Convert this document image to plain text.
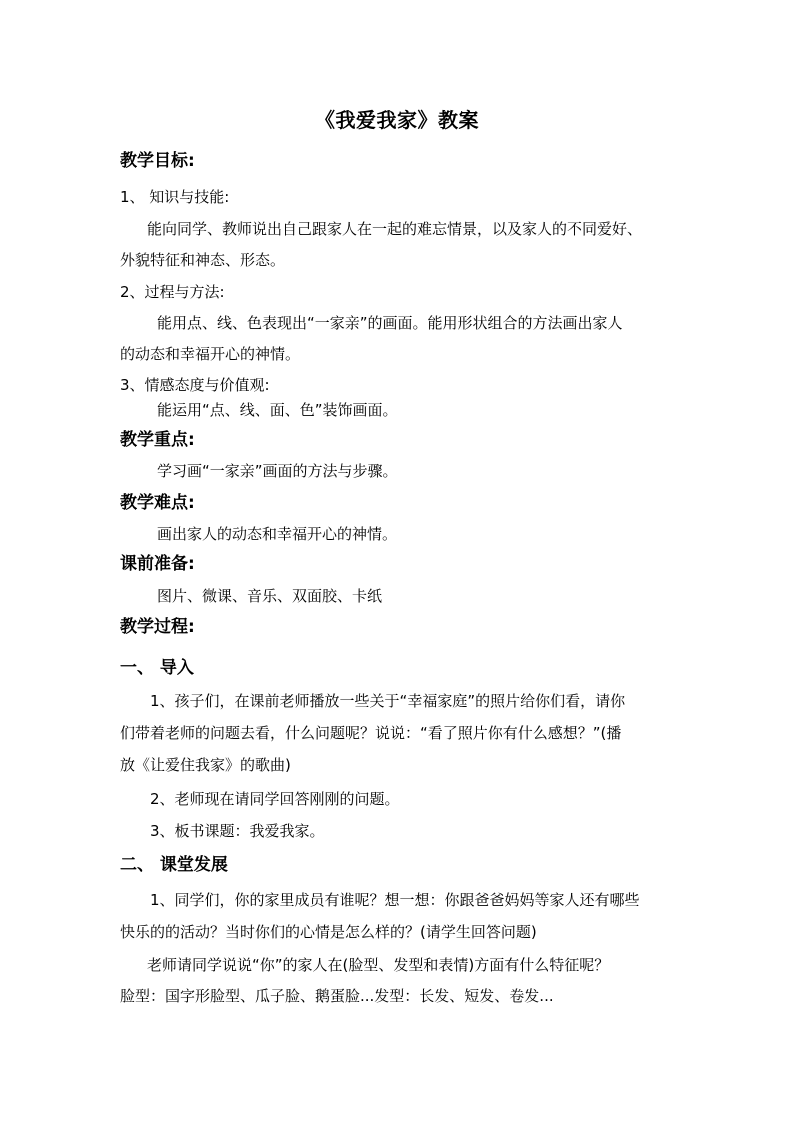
《我爱我家》教案
教学目标:
1、 知识与技能:
能向同学、教师说出自己跟家人在一起的难忘情景，以及家人的不同爱好、
外貌特征和神态、形态。
2、过程与方法:
能用点、线、色表现出“一家亲”的画面。能用形状组合的方法画出家人
的动态和幸福开心的神情。
3、情感态度与价值观:
能运用“点、线、面、色”装饰画面。
教学重点:
学习画“一家亲”画面的方法与步骤。
教学难点:
画出家人的动态和幸福开心的神情。
课前准备:
图片、微课、音乐、双面胶、卡纸
教学过程:
一、 导入
1、孩子们，在课前老师播放一些关于“幸福家庭”的照片给你们看，请你
们带着老师的问题去看，什么问题呢？说说：“看了照片你有什么感想？”(播
放《让爱住我家》的歌曲)
2、老师现在请同学回答刚刚的问题。
3、板书课题：我爱我家。
二、 课堂发展
1、同学们，你的家里成员有谁呢？想一想：你跟爸爸妈妈等家人还有哪些
快乐的的活动？当时你们的心情是怎么样的？(请学生回答问题)
老师请同学说说“你”的家人在(脸型、发型和表情)方面有什么特征呢？
脸型：国字形脸型、瓜子脸、鹅蛋脸...发型：长发、短发、卷发...
